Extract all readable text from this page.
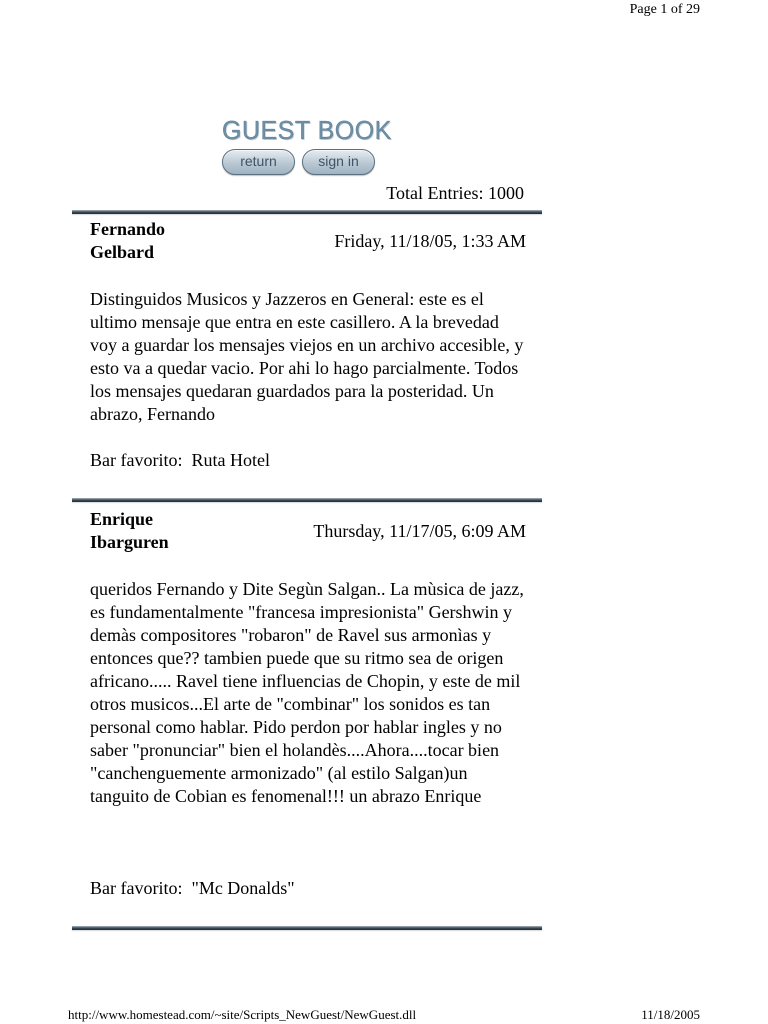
Page 1 of 29
GUEST BOOK
return	sign in
Total Entries: 1000
Fernando Gelbard
Friday, 11/18/05, 1:33 AM
Distinguidos Musicos y Jazzeros en General: este es el ultimo mensaje que entra en este casillero. A la brevedad voy a guardar los mensajes viejos en un archivo accesible, y esto va a quedar vacio. Por ahi lo hago parcialmente. Todos los mensajes quedaran guardados para la posteridad. Un abrazo, Fernando
Bar favorito:  Ruta Hotel
Enrique Ibarguren
Thursday, 11/17/05, 6:09 AM
queridos Fernando y Dite Segùn Salgan.. La mùsica de jazz, es fundamentalmente "francesa impresionista" Gershwin y demàs compositores "robaron" de Ravel sus armonìas y entonces que?? tambien puede que su ritmo sea de origen africano..... Ravel tiene influencias de Chopin, y este de mil otros musicos...El arte de "combinar" los sonidos es tan personal como hablar. Pido perdon por hablar ingles y no saber "pronunciar" bien el holandès....Ahora....tocar bien "canchenguemente armonizado" (al estilo Salgan)un tanguito de Cobian es fenomenal!!! un abrazo Enrique
Bar favorito:  "Mc Donalds"
http://www.homestead.com/~site/Scripts_NewGuest/NewGuest.dll	11/18/2005
